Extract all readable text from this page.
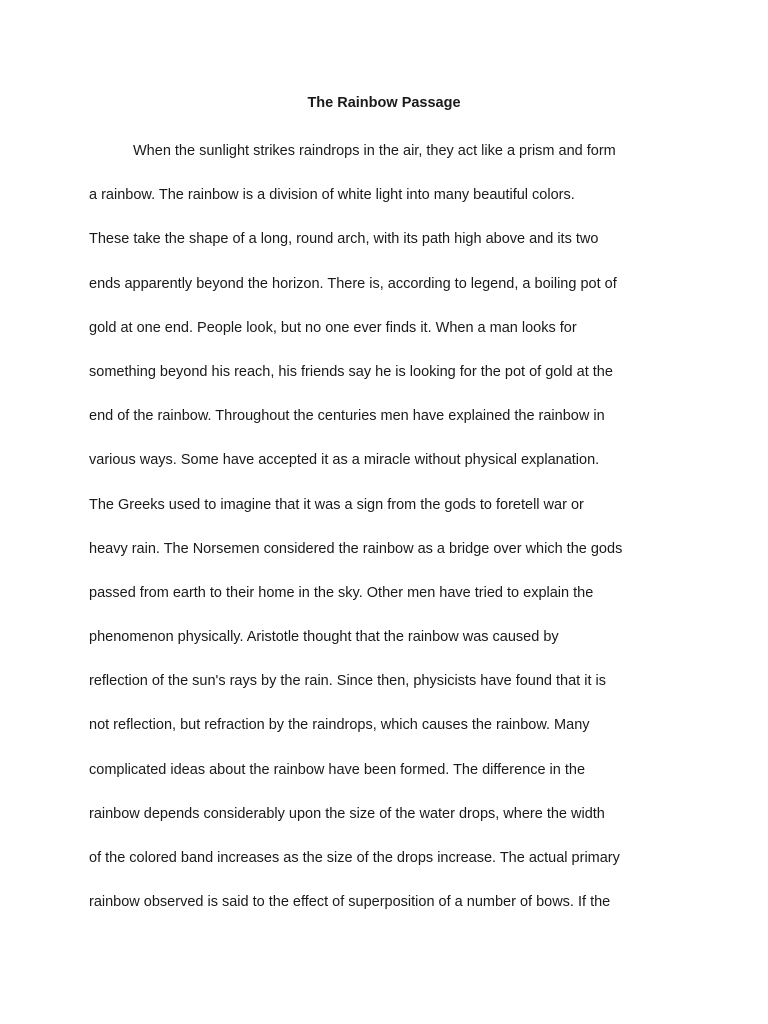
The Rainbow Passage
When the sunlight strikes raindrops in the air, they act like a prism and form
a rainbow. The rainbow is a division of white light into many beautiful colors.
These take the shape of a long, round arch, with its path high above and its two
ends apparently beyond the horizon. There is, according to legend, a boiling pot of
gold at one end. People look, but no one ever finds it. When a man looks for
something beyond his reach, his friends say he is looking for the pot of gold at the
end of the rainbow. Throughout the centuries men have explained the rainbow in
various ways. Some have accepted it as a miracle without physical explanation.
The Greeks used to imagine that it was a sign from the gods to foretell war or
heavy rain. The Norsemen considered the rainbow as a bridge over which the gods
passed from earth to their home in the sky. Other men have tried to explain the
phenomenon physically. Aristotle thought that the rainbow was caused by
reflection of the sun's rays by the rain. Since then, physicists have found that it is
not reflection, but refraction by the raindrops, which causes the rainbow. Many
complicated ideas about the rainbow have been formed. The difference in the
rainbow depends considerably upon the size of the water drops, where the width
of the colored band increases as the size of the drops increase. The actual primary
rainbow observed is said to the effect of superposition of a number of bows. If the
